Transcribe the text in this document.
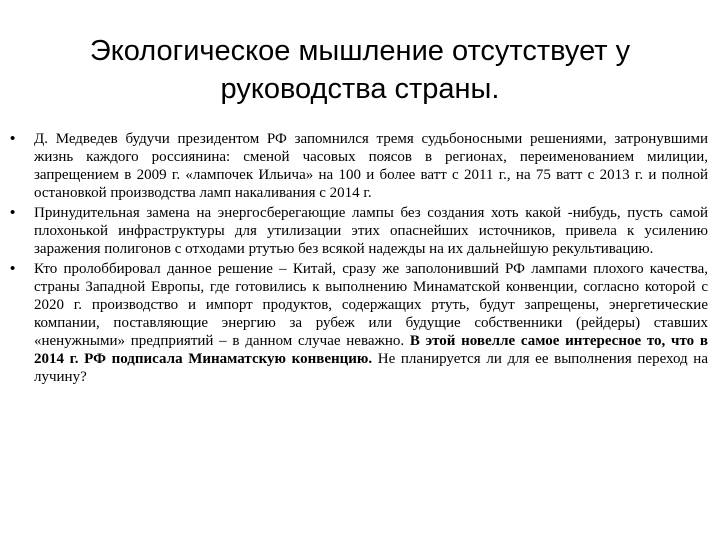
Экологическое мышление отсутствует у
руководства страны.
•	Д. Медведев будучи президентом РФ запомнился тремя судьбоносными решениями, затронувшими жизнь каждого россиянина: сменой часовых поясов в регионах, переименованием милиции, запрещением в 2009 г. «лампочек Ильича» на 100 и более ватт с 2011 г., на 75 ватт с 2013 г. и полной остановкой производства ламп накаливания с 2014 г.
•	Принудительная замена на энергосберегающие лампы без создания хоть какой -нибудь, пусть самой плохонькой инфраструктуры для утилизации этих опаснейших источников, привела к усилению заражения полигонов с отходами ртутью без всякой надежды на их дальнейшую рекультивацию.
•	Кто пролоббировал данное решение – Китай, сразу же заполонивший РФ лампами плохого качества, страны Западной Европы, где готовились к выполнению Минаматской конвенции, согласно которой с 2020 г. производство и импорт продуктов, содержащих ртуть, будут запрещены, энергетические компании, поставляющие энергию за рубеж или будущие собственники (рейдеры) ставших «ненужными» предприятий – в данном случае неважно. В этой новелле самое интересное то, что в 2014 г. РФ подписала Минаматскую конвенцию. Не планируется ли для ее выполнения переход на лучину?
